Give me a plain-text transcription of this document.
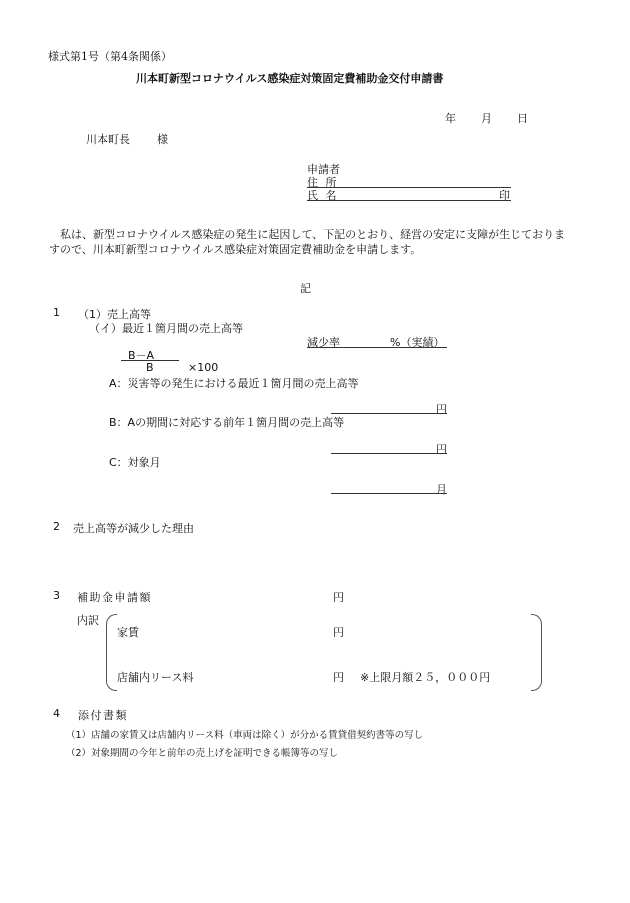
様式第1号（第4条関係）
川本町新型コロナウイルス感染症対策固定費補助金交付申請書
年 月 日
川本町長 様
申請者
住 所
氏 名	印
私は、新型コロナウイルス感染症の発生に起因して、下記のとおり、経営の安定に支障が生じておりますので、川本町新型コロナウイルス感染症対策固定費補助金を申請します。
記
1 （1）売上高等
（イ）最近１箇月間の売上高等
減少率	%（実績）
B－A
B	×100
A：災害等の発生における最近１箇月間の売上高等
円
B：Aの期間に対応する前年１箇月間の売上高等
円
C：対象月
月
2 売上高等が減少した理由
3 補助金申請額	円
内訳
家賃	円
店舗内リース料	円 ※上限月額２５，０００円
4 添付書類
（1）店舗の家賃又は店舗内リース料（車両は除く）が分かる賃貸借契約書等の写し
（2）対象期間の今年と前年の売上げを証明できる帳簿等の写し
